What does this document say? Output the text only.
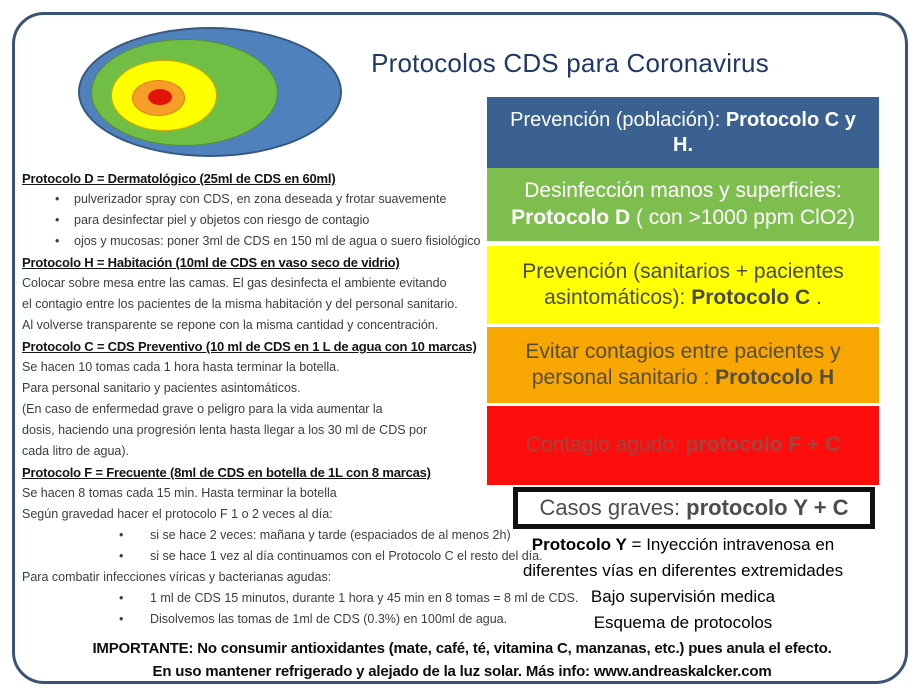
Protocolos CDS para Coronavirus
Prevención (población): Protocolo C y H.
Desinfección manos y superficies: Protocolo D ( con >1000 ppm ClO2)
Prevención (sanitarios + pacientes asintomáticos): Protocolo C .
Evitar contagios entre pacientes y personal sanitario : Protocolo H
Contagio agudo: protocolo F + C
Casos graves: protocolo Y + C
Protocolo Y = Inyección intravenosa en
diferentes vías en diferentes extremidades
Bajo supervisión medica
Esquema de protocolos
Protocolo D = Dermatológico (25ml de CDS en 60ml)
• pulverizador spray con CDS, en zona deseada y frotar suavemente
• para desinfectar piel y objetos con riesgo de contagio
• ojos y mucosas: poner 3ml de CDS en 150 ml de agua o suero fisiológico
Protocolo H = Habitación (10ml de CDS en vaso seco de vidrio)
Colocar sobre mesa entre las camas. El gas desinfecta el ambiente evitando
el contagio entre los pacientes de la misma habitación y del personal sanitario.
Al volverse transparente se repone con la misma cantidad y concentración.
Protocolo C = CDS Preventivo (10 ml de CDS en 1 L de agua con 10 marcas)
Se hacen 10 tomas cada 1 hora hasta terminar la botella.
Para personal sanitario y pacientes asintomáticos.
(En caso de enfermedad grave o peligro para la vida aumentar la
dosis, haciendo una progresión lenta hasta llegar a los 30 ml de CDS por
cada litro de agua).
Protocolo F = Frecuente (8ml de CDS en botella de 1L con 8 marcas)
Se hacen 8 tomas cada 15 min. Hasta terminar la botella
Según gravedad hacer el protocolo F 1 o 2 veces al día:
• si se hace 2 veces: mañana y tarde (espaciados de al menos 2h)
• si se hace 1 vez al día continuamos con el Protocolo C el resto del día.
Para combatir infecciones víricas y bacterianas agudas:
• 1 ml de CDS 15 minutos, durante 1 hora y 45 min en 8 tomas = 8 ml de CDS.
• Disolvemos las tomas de 1ml de CDS (0.3%) en 100ml de agua.
IMPORTANTE: No consumir antioxidantes (mate, café, té, vitamina C, manzanas, etc.) pues anula el efecto.
En uso mantener refrigerado y alejado de la luz solar. Más info: www.andreaskalcker.com
